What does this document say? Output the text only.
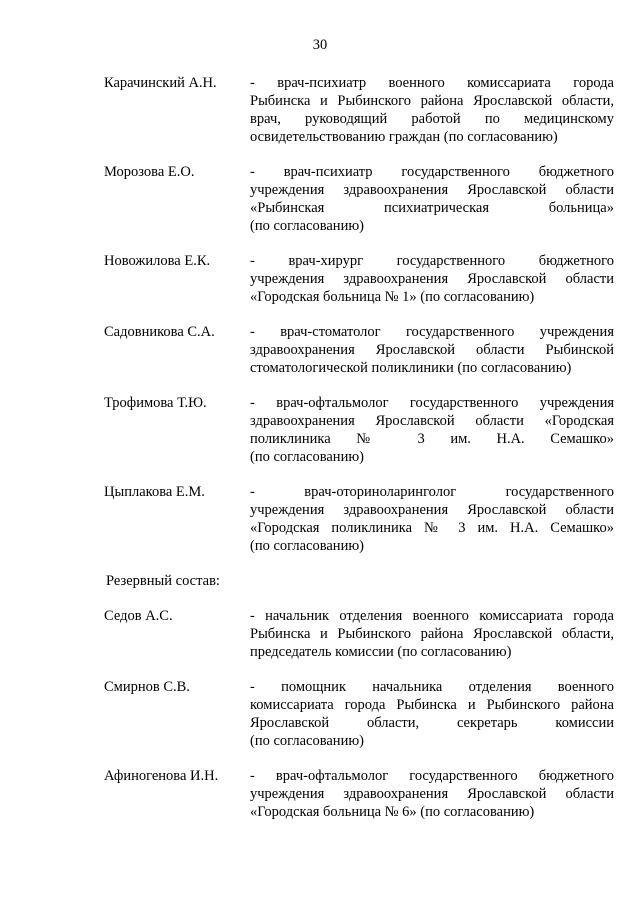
30
Карачинский А.Н.	- врач-психиатр военного комиссариата города
Рыбинска и Рыбинского района Ярославской области,
врач, руководящий работой по медицинскому
освидетельствованию граждан (по согласованию)
Морозова Е.О.	- врач-психиатр государственного бюджетного
учреждения здравоохранения Ярославской области
«Рыбинская психиатрическая больница»
(по согласованию)
Новожилова Е.К.	- врач-хирург государственного бюджетного
учреждения здравоохранения Ярославской области
«Городская больница № 1» (по согласованию)
Садовникова С.А.	- врач-стоматолог государственного учреждения
здравоохранения Ярославской области Рыбинской
стоматологической поликлиники (по согласованию)
Трофимова Т.Ю.	- врач-офтальмолог государственного учреждения
здравоохранения Ярославской области «Городская
поликлиника № 3 им. Н.А. Семашко»
(по согласованию)
Цыплакова Е.М.	- врач-оториноларинголог государственного
учреждения здравоохранения Ярославской области
«Городская поликлиника № 3 им. Н.А. Семашко»
(по согласованию)
Резервный состав:
Седов А.С.	- начальник отделения военного комиссариата города
Рыбинска и Рыбинского района Ярославской области,
председатель комиссии (по согласованию)
Смирнов С.В.	- помощник начальника отделения военного
комиссариата города Рыбинска и Рыбинского района
Ярославской области, секретарь комиссии
(по согласованию)
Афиногенова И.Н.	- врач-офтальмолог государственного бюджетного
учреждения здравоохранения Ярославской области
«Городская больница № 6» (по согласованию)
